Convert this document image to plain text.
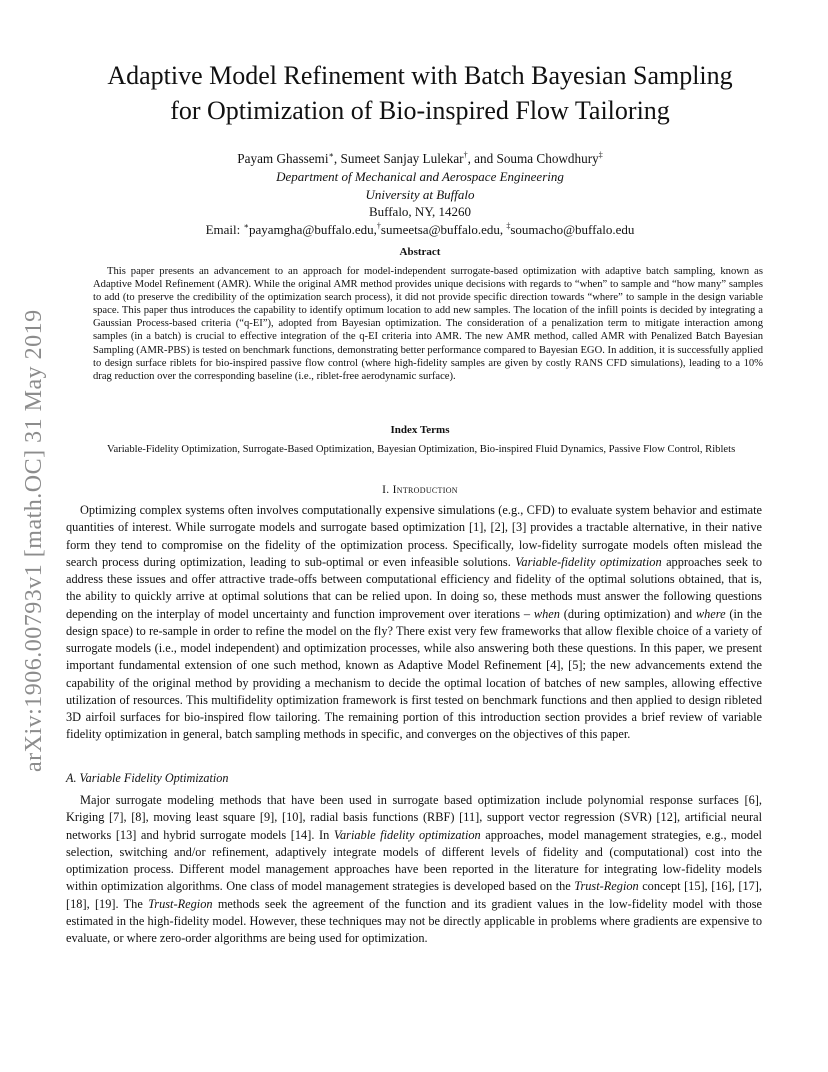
arXiv:1906.00793v1 [math.OC] 31 May 2019
Adaptive Model Refinement with Batch Bayesian Sampling
for Optimization of Bio-inspired Flow Tailoring
Payam Ghassemi∗, Sumeet Sanjay Lulekar†, and Souma Chowdhury‡
Department of Mechanical and Aerospace Engineering
University at Buffalo
Buffalo, NY, 14260
Email: ∗payamgha@buffalo.edu,†sumeetsa@buffalo.edu, ‡soumacho@buffalo.edu
Abstract

This paper presents an advancement to an approach for model-independent surrogate-based optimization with adaptive batch sampling, known as Adaptive Model Refinement (AMR). While the original AMR method provides unique decisions with regards to “when” to sample and “how many” samples to add (to preserve the credibility of the optimization search process), it did not provide specific direction towards “where” to sample in the design variable space. This paper thus introduces the capability to identify optimum location to add new samples. The location of the infill points is decided by integrating a Gaussian Process-based criteria (“q-EI”), adopted from Bayesian optimization. The consideration of a penalization term to mitigate interaction among samples (in a batch) is crucial to effective integration of the q-EI criteria into AMR. The new AMR method, called AMR with Penalized Batch Bayesian Sampling (AMR-PBS) is tested on benchmark functions, demonstrating better performance compared to Bayesian EGO. In addition, it is successfully applied to design surface riblets for bio-inspired passive flow control (where high-fidelity samples are given by costly RANS CFD simulations), leading to a 10% drag reduction over the corresponding baseline (i.e., riblet-free aerodynamic surface).

Index Terms

Variable-Fidelity Optimization, Surrogate-Based Optimization, Bayesian Optimization, Bio-inspired Fluid Dynamics, Passive Flow Control, Riblets

I. Introduction

Optimizing complex systems often involves computationally expensive simulations (e.g., CFD) to evaluate system behavior and estimate quantities of interest. While surrogate models and surrogate based optimization [1], [2], [3] provides a tractable alternative, in their native form they tend to compromise on the fidelity of the optimization process. Specifically, low-fidelity surrogate models often mislead the search process during optimization, leading to sub-optimal or even infeasible solutions. Variable-fidelity optimization approaches seek to address these issues and offer attractive trade-offs between computational efficiency and fidelity of the optimal solutions obtained, that is, the ability to quickly arrive at optimal solutions that can be relied upon. In doing so, these methods must answer the following questions depending on the interplay of model uncertainty and function improvement over iterations – when (during optimization) and where (in the design space) to re-sample in order to refine the model on the fly? There exist very few frameworks that allow flexible choice of a variety of surrogate models (i.e., model independent) and optimization processes, while also answering both these questions. In this paper, we present important fundamental extension of one such method, known as Adaptive Model Refinement [4], [5]; the new advancements extend the capability of the original method by providing a mechanism to decide the optimal location of batches of new samples, allowing effective utilization of resources. This multifidelity optimization framework is first tested on benchmark functions and then applied to design ribleted 3D airfoil surfaces for bio-inspired flow tailoring. The remaining portion of this introduction section provides a brief review of variable fidelity optimization in general, batch sampling methods in specific, and converges on the objectives of this paper.

A. Variable Fidelity Optimization

Major surrogate modeling methods that have been used in surrogate based optimization include polynomial response surfaces [6], Kriging [7], [8], moving least square [9], [10], radial basis functions (RBF) [11], support vector regression (SVR) [12], artificial neural networks [13] and hybrid surrogate models [14]. In Variable fidelity optimization approaches, model management strategies, e.g., model selection, switching and/or refinement, adaptively integrate models of different levels of fidelity and (computational) cost into the optimization process. Different model management approaches have been reported in the literature for integrating low-fidelity models within optimization algorithms. One class of model management strategies is developed based on the Trust-Region concept [15], [16], [17], [18], [19]. The Trust-Region methods seek the agreement of the function and its gradient values in the low-fidelity model with those estimated in the high-fidelity model. However, these techniques may not be directly applicable in problems where gradients are expensive to evaluate, or where zero-order algorithms are being used for optimization.
